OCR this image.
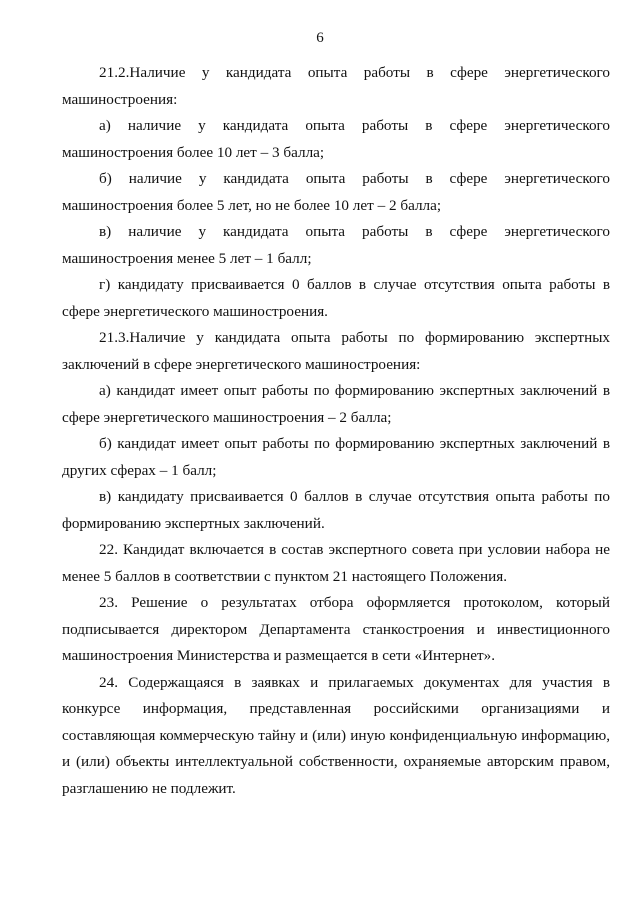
6

21.2.Наличие у кандидата опыта работы в сфере энергетического машиностроения:

а) наличие у кандидата опыта работы в сфере энергетического машиностроения более 10 лет – 3 балла;

б) наличие у кандидата опыта работы в сфере энергетического машиностроения более 5 лет, но не более 10 лет – 2 балла;

в) наличие у кандидата опыта работы в сфере энергетического машиностроения менее 5 лет – 1 балл;

г) кандидату присваивается 0 баллов в случае отсутствия опыта работы в сфере энергетического машиностроения.

21.3.Наличие у кандидата опыта работы по формированию экспертных заключений в сфере энергетического машиностроения:

а) кандидат имеет опыт работы по формированию экспертных заключений в сфере энергетического машиностроения – 2 балла;

б) кандидат имеет опыт работы по формированию экспертных заключений в других сферах – 1 балл;

в) кандидату присваивается 0 баллов в случае отсутствия опыта работы по формированию экспертных заключений.

22. Кандидат включается в состав экспертного совета при условии набора не менее 5 баллов в соответствии с пунктом 21 настоящего Положения.

23. Решение о результатах отбора оформляется протоколом, который подписывается директором Департамента станкостроения и инвестиционного машиностроения Министерства и размещается в сети «Интернет».

24. Содержащаяся в заявках и прилагаемых документах для участия в конкурсе информация, представленная российскими организациями и составляющая коммерческую тайну и (или) иную конфиденциальную информацию, и (или) объекты интеллектуальной собственности, охраняемые авторским правом, разглашению не подлежит.
